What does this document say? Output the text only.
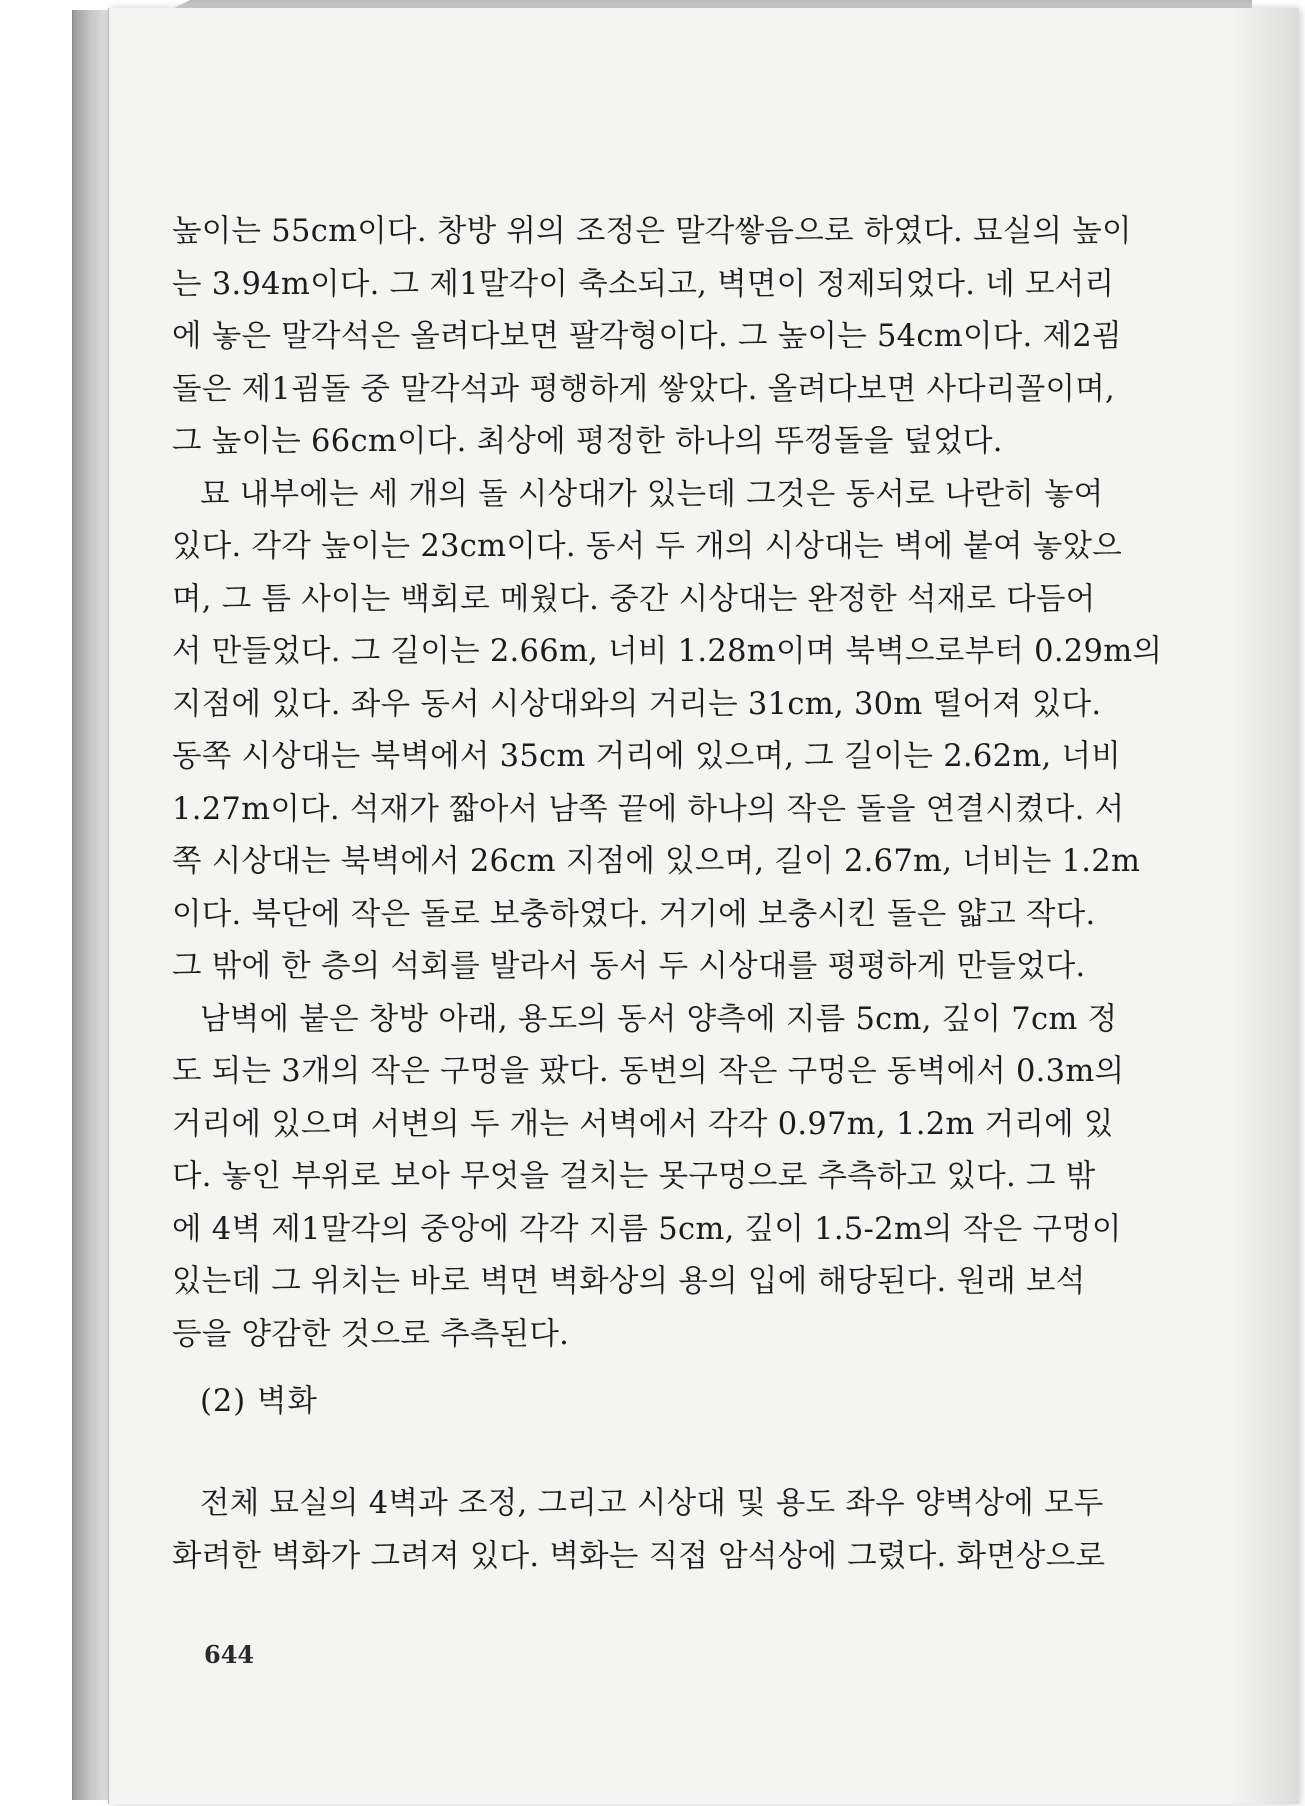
높이는 55cm이다. 창방 위의 조정은 말각쌓음으로 하였다. 묘실의 높이
는 3.94m이다. 그 제1말각이 축소되고, 벽면이 정제되었다. 네 모서리
에 놓은 말각석은 올려다보면 팔각형이다. 그 높이는 54cm이다. 제2굄
돌은 제1굄돌 중 말각석과 평행하게 쌓았다. 올려다보면 사다리꼴이며,
그 높이는 66cm이다. 최상에 평정한 하나의 뚜껑돌을 덮었다.
묘 내부에는 세 개의 돌 시상대가 있는데 그것은 동서로 나란히 놓여
있다. 각각 높이는 23cm이다. 동서 두 개의 시상대는 벽에 붙여 놓았으
며, 그 틈 사이는 백회로 메웠다. 중간 시상대는 완정한 석재로 다듬어
서 만들었다. 그 길이는 2.66m, 너비 1.28m이며 북벽으로부터 0.29m의
지점에 있다. 좌우 동서 시상대와의 거리는 31cm, 30m 떨어져 있다.
동쪽 시상대는 북벽에서 35cm 거리에 있으며, 그 길이는 2.62m, 너비
1.27m이다. 석재가 짧아서 남쪽 끝에 하나의 작은 돌을 연결시켰다. 서
쪽 시상대는 북벽에서 26cm 지점에 있으며, 길이 2.67m, 너비는 1.2m
이다. 북단에 작은 돌로 보충하였다. 거기에 보충시킨 돌은 얇고 작다.
그 밖에 한 층의 석회를 발라서 동서 두 시상대를 평평하게 만들었다.
남벽에 붙은 창방 아래, 용도의 동서 양측에 지름 5cm, 깊이 7cm 정
도 되는 3개의 작은 구멍을 팠다. 동변의 작은 구멍은 동벽에서 0.3m의
거리에 있으며 서변의 두 개는 서벽에서 각각 0.97m, 1.2m 거리에 있
다. 놓인 부위로 보아 무엇을 걸치는 못구멍으로 추측하고 있다. 그 밖
에 4벽 제1말각의 중앙에 각각 지름 5cm, 깊이 1.5-2m의 작은 구멍이
있는데 그 위치는 바로 벽면 벽화상의 용의 입에 해당된다. 원래 보석
등을 양감한 것으로 추측된다.
(2) 벽화
전체 묘실의 4벽과 조정, 그리고 시상대 및 용도 좌우 양벽상에 모두
화려한 벽화가 그려져 있다. 벽화는 직접 암석상에 그렸다. 화면상으로
644
